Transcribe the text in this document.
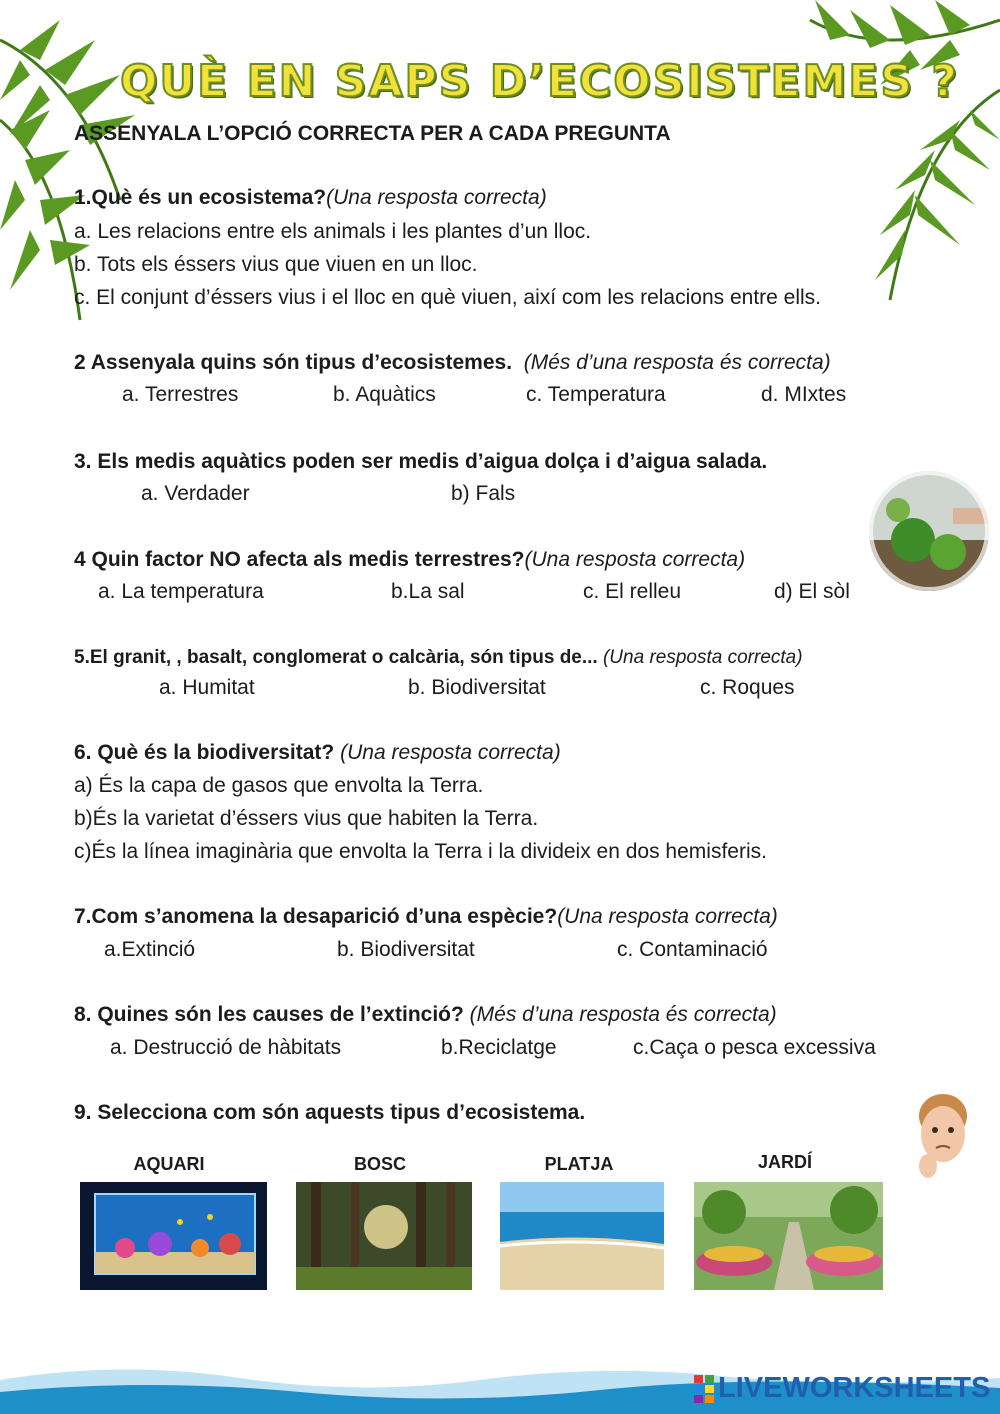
QUÈ EN SAPS D’ECOSISTEMES ?
ASSENYALA L’OPCIÓ CORRECTA PER A CADA PREGUNTA
1.Què és un ecosistema?(Una resposta correcta)
a. Les relacions entre els animals i les plantes d’un lloc.
b. Tots els éssers vius que viuen en un lloc.
c. El conjunt d’éssers vius i el lloc en què viuen, així com les relacions entre ells.
2 Assenyala quins són tipus d’ecosistemes. (Més d’una resposta és correcta)
a. Terrestres	b. Aquàtics	c. Temperatura	d. MIxtes
3. Els medis aquàtics poden ser medis d’aigua dolça i d’aigua salada.
a. Verdader	b) Fals
4 Quin factor NO afecta als medis terrestres?(Una resposta correcta)
a. La temperatura	b.La sal	c. El relleu	d) El sòl
5.El granit, , basalt, conglomerat o calcària, són tipus de... (Una resposta correcta)
a. Humitat	b. Biodiversitat	c. Roques
6. Què és la biodiversitat? (Una resposta correcta)
a) És la capa de gasos que envolta la Terra.
b)És la varietat d’éssers vius que habiten la Terra.
c)És la línea imaginària que envolta la Terra i la divideix en dos hemisferis.
7.Com s’anomena la desaparició d’una espècie?(Una resposta correcta)
a.Extinció	b. Biodiversitat	c. Contaminació
8. Quines són les causes de l’extinció? (Més d’una resposta és correcta)
a. Destrucció de hàbitats	b.Reciclatge	c.Caça o pesca excessiva
9. Selecciona com són aquests tipus d’ecosistema.
AQUARI	BOSC	PLATJA	JARDÍ
LIVEWORKSHEETS
